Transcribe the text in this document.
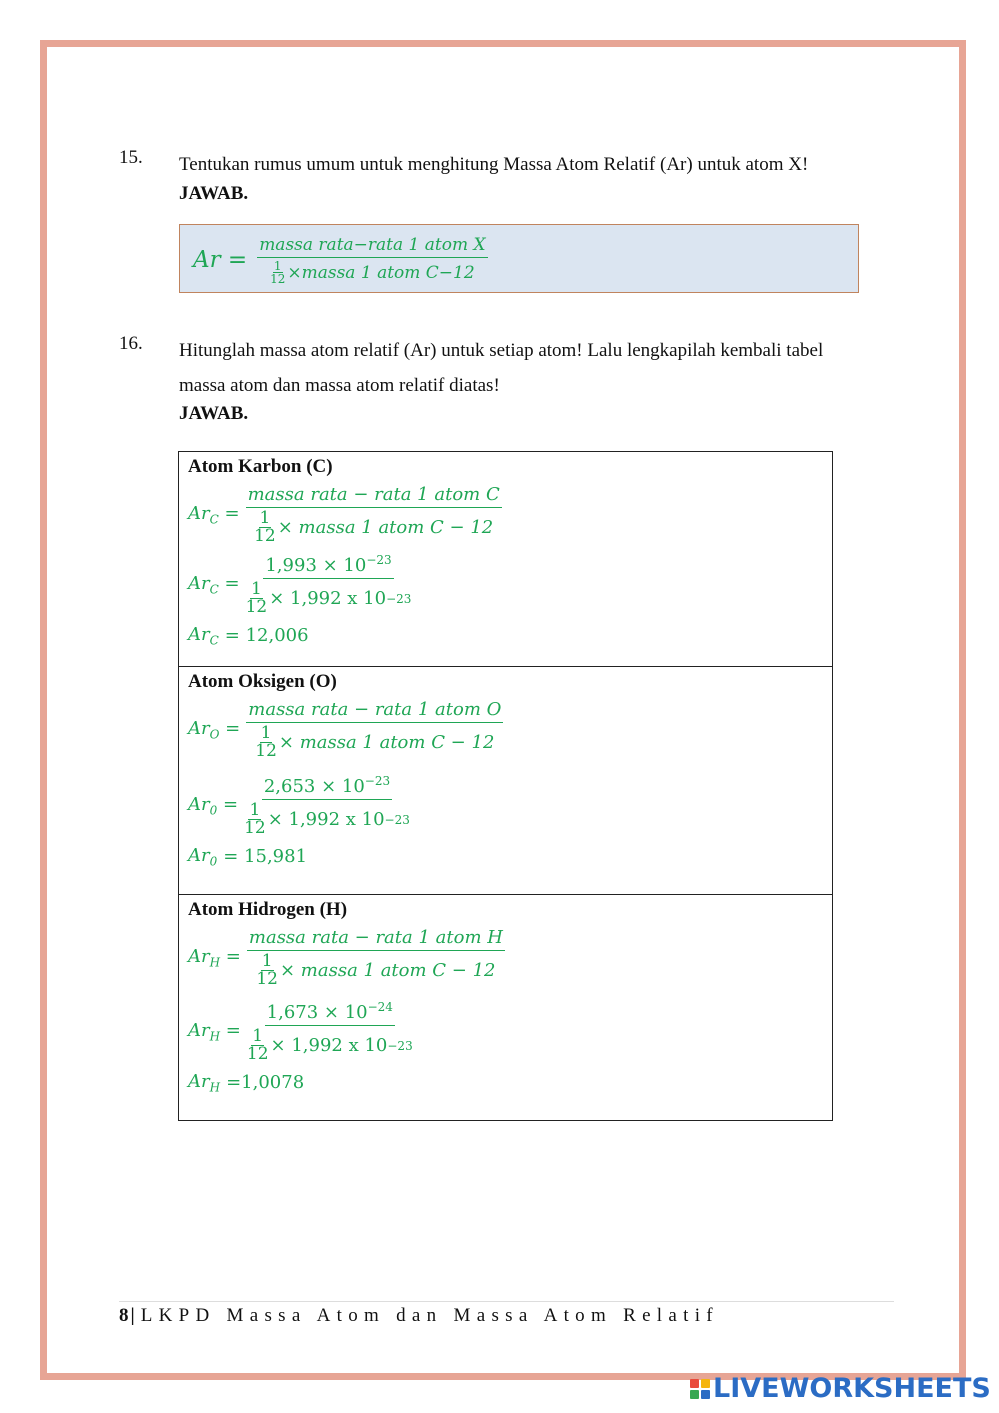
15. Tentukan rumus umum untuk menghitung Massa Atom Relatif (Ar) untuk atom X!
JAWAB.
$Ar = \frac{\text{massa rata−rata 1 atom X}}{\frac{1}{12} \times massa 1 atom C-12}$
16. Hitunglah massa atom relatif (Ar) untuk setiap atom! Lalu lengkapilah kembali tabel massa atom dan massa atom relatif diatas!
JAWAB.
Atom Karbon (C)
$Ar_C = \frac{\text{massa rata − rata 1 atom C}}{\frac{1}{12} \times massa 1 atom C - 12}$
$Ar_C = \frac{1,993 \times 10^{-23}}{\frac{1}{12} \times 1,992 x 10 -23}$
$Ar_C = 12,006$

Atom Oksigen (O)
$Ar_O = \frac{\text{massa rata − rata 1 atom O}}{\frac{1}{12} \times massa 1 atom C - 12}$
$Ar_0 = \frac{2,653 \times 10^{-23}}{\frac{1}{12} \times 1,992 x 10 -23}$
$Ar_0 = 15,981$

Atom Hidrogen (H)
$Ar_H = \frac{\text{massa rata − rata 1 atom H}}{\frac{1}{12} \times massa 1 atom C - 12}$
$Ar_H = \frac{1,673 \times 10^{-24}}{\frac{1}{12} \times 1,992 x 10 -23}$
$Ar_H =1,0078$
8 | LKPD Massa Atom dan Massa Atom Relatif
LIVEWORKSHEETS
